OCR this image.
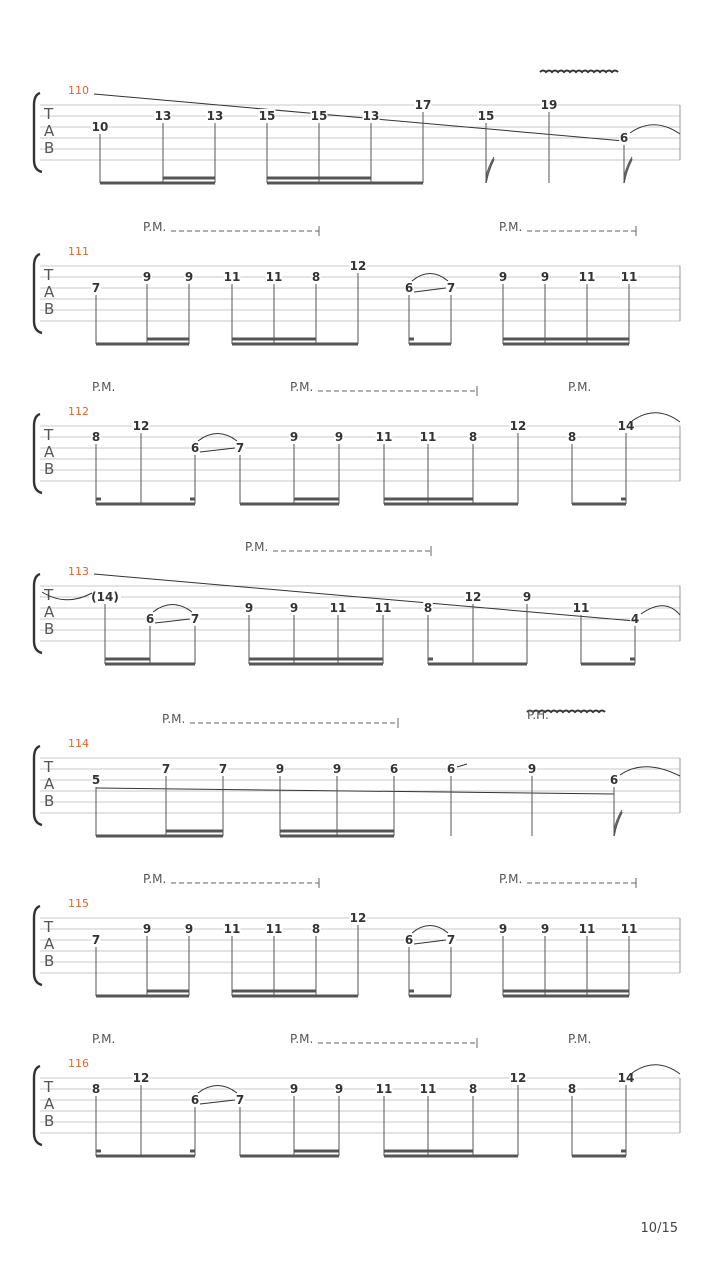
T
A
B
110
10
13	13	15	15	13
17
15
19
6
T
A
B
111
P.M.	P.M.
7
9	9	11 11 8
12
6	7
9	9 11 11
T
A
B
112
P.M.	P.M.	P.M.
8
12
6	7
9	9	11 11	8
12
8
14
T
A
B
113
P.M.
(14)
6	7
9	9	11 11	8
12	9
11
4
T
A
B
114
P.M.	P.H.
5
7	7	9	9	6	6	9
6
T
A
B
115
P.M.	P.M.
7
9	9	11 11 8
12
6	7
9	9 11 11
T
A
B
116
P.M.	P.M.	P.M.
8
12
6	7
9	9	11 11	8
12
8
14
10/15
